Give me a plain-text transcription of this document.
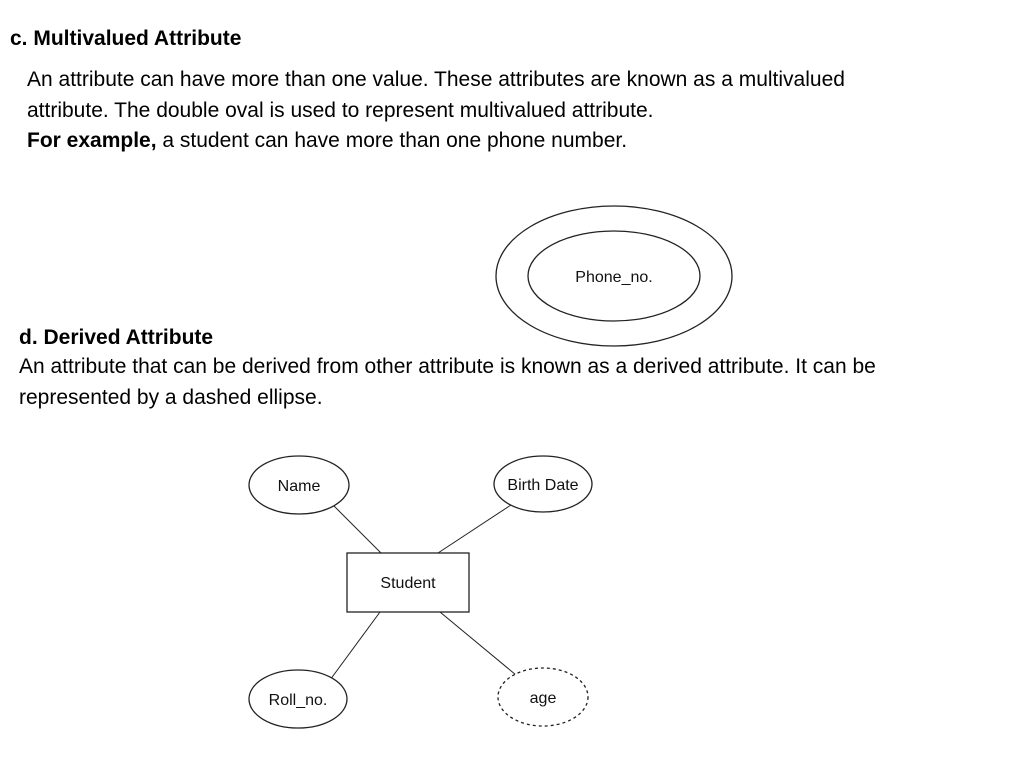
c. Multivalued Attribute

An attribute can have more than one value. These attributes are known as a multivalued
attribute. The double oval is used to represent multivalued attribute.
For example, a student can have more than one phone number.

d. Derived Attribute

An attribute that can be derived from other attribute is known as a derived attribute. It can be
represented by a dashed ellipse.

Phone_no.
Student
Name	Birth Date
Roll_no.	age
